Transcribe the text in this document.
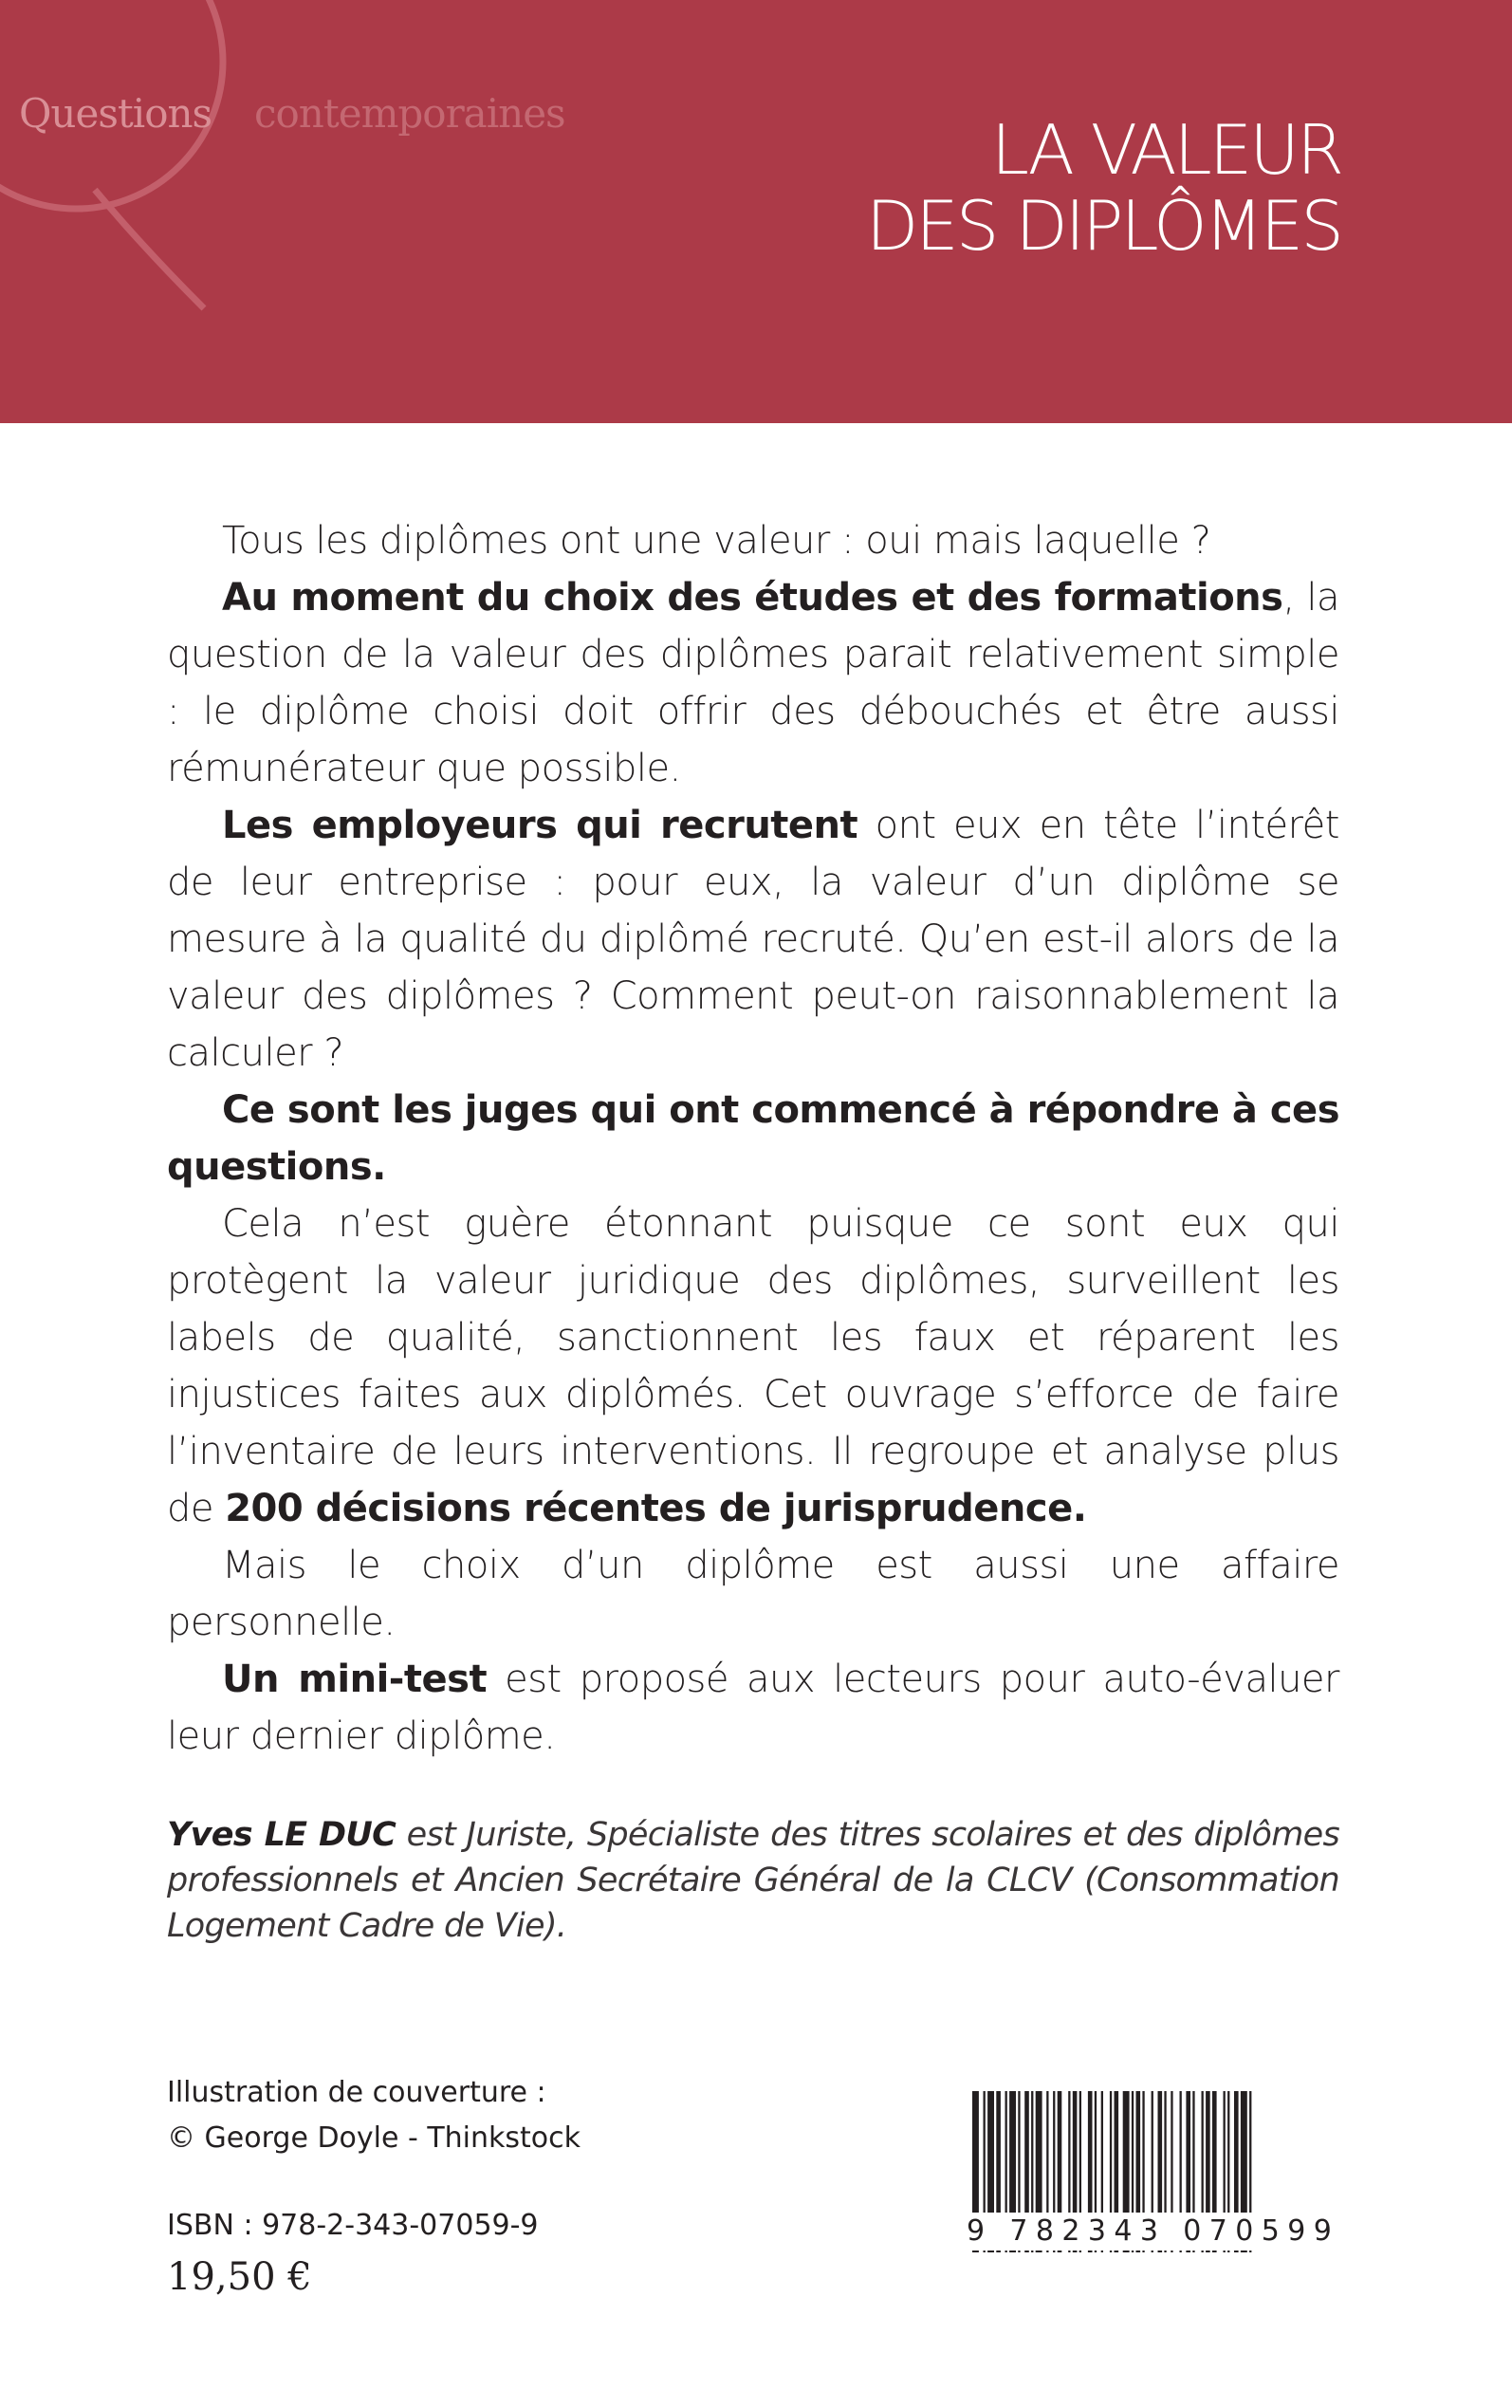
Questions contemporaines	LA VALEUR
DES DIPLÔMES

Tous les diplômes ont une valeur : oui mais laquelle ?

Au moment du choix des études et des formations, la question de la valeur des diplômes parait relativement simple : le diplôme choisi doit offrir des débouchés et être aussi rémunérateur que possible.

Les employeurs qui recrutent ont eux en tête l’intérêt de leur entreprise : pour eux, la valeur d’un diplôme se mesure à la qualité du diplômé recruté. Qu’en est-il alors de la valeur des diplômes ? Comment peut-on raisonnablement la calculer ?

Ce sont les juges qui ont commencé à répondre à ces questions.

Cela n’est guère étonnant puisque ce sont eux qui protègent la valeur juridique des diplômes, surveillent les labels de qualité, sanctionnent les faux et réparent les injustices faites aux diplômés. Cet ouvrage s’efforce de faire l’inventaire de leurs interventions. Il regroupe et analyse plus de 200 décisions récentes de jurisprudence.

Mais le choix d’un diplôme est aussi une affaire personnelle.

Un mini-test est proposé aux lecteurs pour auto-évaluer leur dernier diplôme.

Yves LE DUC est Juriste, Spécialiste des titres scolaires et des diplômes professionnels et Ancien Secrétaire Général de la CLCV (Consommation Logement Cadre de Vie).
Illustration de couverture :
© George Doyle - Thinkstock
ISBN : 978-2-343-07059-9
19,50 €
9 782343 070599
